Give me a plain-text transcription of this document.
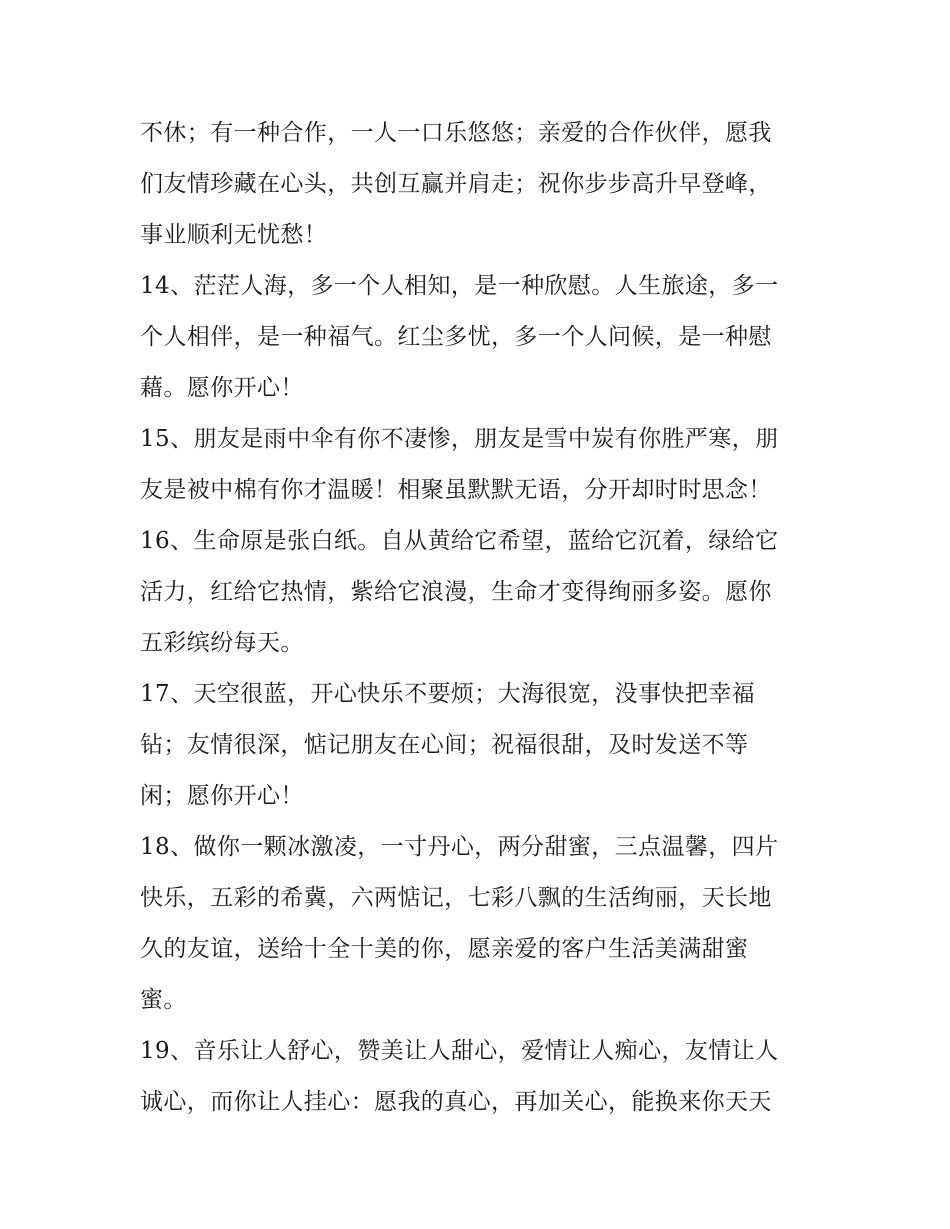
不休；有一种合作，一人一口乐悠悠；亲爱的合作伙伴，愿我
们友情珍藏在心头，共创互赢并肩走；祝你步步高升早登峰，
事业顺利无忧愁！

14、茫茫人海，多一个人相知，是一种欣慰。人生旅途，多一
个人相伴，是一种福气。红尘多忧，多一个人问候，是一种慰
藉。愿你开心！

15、朋友是雨中伞有你不凄惨，朋友是雪中炭有你胜严寒，朋
友是被中棉有你才温暖！相聚虽默默无语，分开却时时思念！

16、生命原是张白纸。自从黄给它希望，蓝给它沉着，绿给它
活力，红给它热情，紫给它浪漫，生命才变得绚丽多姿。愿你
五彩缤纷每天。

17、天空很蓝，开心快乐不要烦；大海很宽，没事快把幸福
钻；友情很深，惦记朋友在心间；祝福很甜，及时发送不等
闲；愿你开心！

18、做你一颗冰激凌，一寸丹心，两分甜蜜，三点温馨，四片
快乐，五彩的希冀，六两惦记，七彩八飘的生活绚丽，天长地
久的友谊，送给十全十美的你，愿亲爱的客户生活美满甜蜜
蜜。

19、音乐让人舒心，赞美让人甜心，爱情让人痴心，友情让人
诚心，而你让人挂心：愿我的真心，再加关心，能换来你天天
